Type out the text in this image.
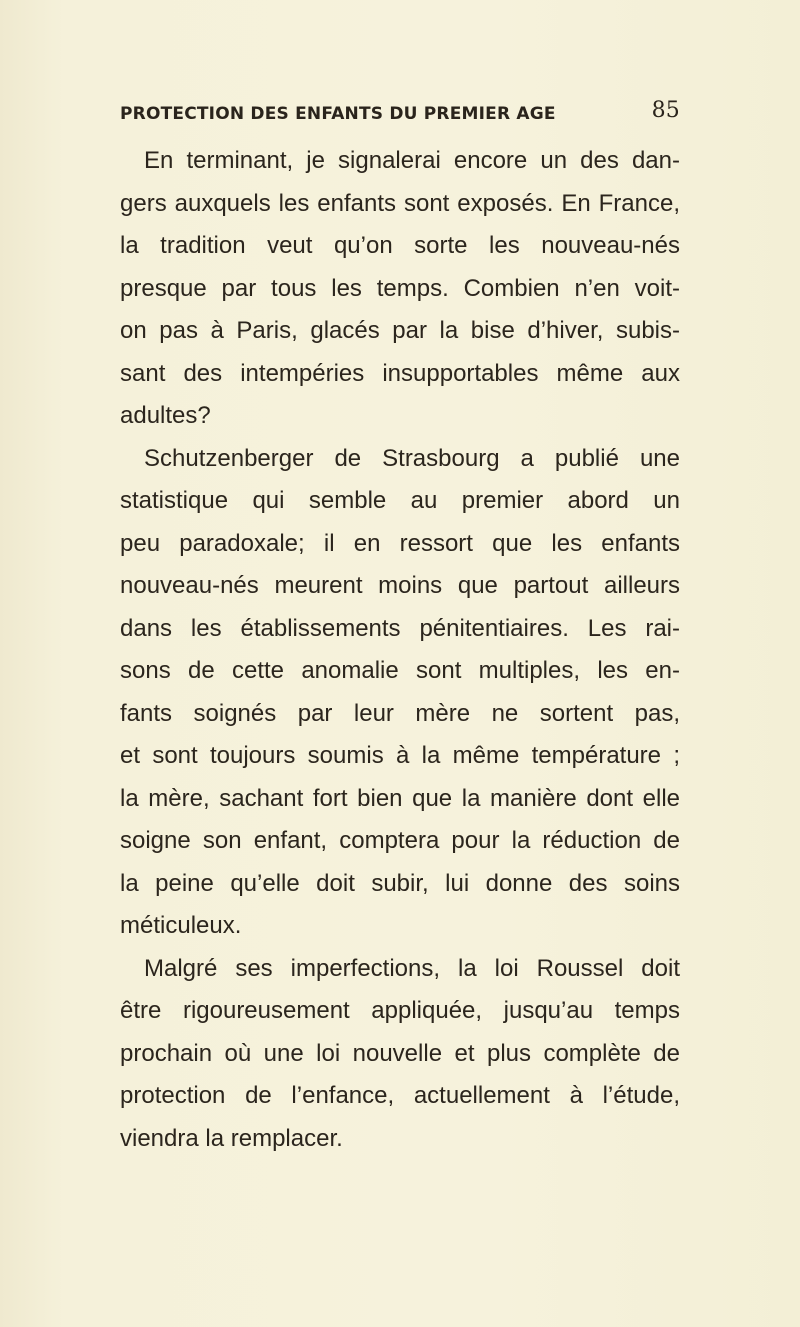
PROTECTION DES ENFANTS DU PREMIER AGE	85
En terminant, je signalerai encore un des dan-
gers auxquels les enfants sont exposés. En France,
la tradition veut qu’on sorte les nouveau-nés
presque par tous les temps. Combien n’en voit-
on pas à Paris, glacés par la bise d’hiver, subis-
sant des intempéries insupportables même aux
adultes?
Schutzenberger de Strasbourg a publié une
statistique qui semble au premier abord un
peu paradoxale; il en ressort que les enfants
nouveau-nés meurent moins que partout ailleurs
dans les établissements pénitentiaires. Les rai-
sons de cette anomalie sont multiples, les en-
fants soignés par leur mère ne sortent pas,
et sont toujours soumis à la même température ;
la mère, sachant fort bien que la manière dont elle
soigne son enfant, comptera pour la réduction de
la peine qu’elle doit subir, lui donne des soins
méticuleux.
Malgré ses imperfections, la loi Roussel doit
être rigoureusement appliquée, jusqu’au temps
prochain où une loi nouvelle et plus complète de
protection de l’enfance, actuellement à l’étude,
viendra la remplacer.
